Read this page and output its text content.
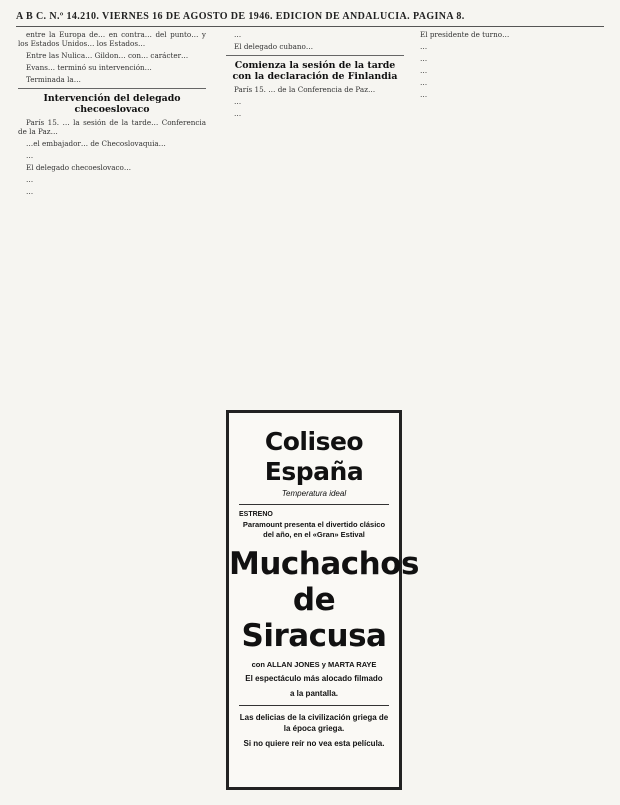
A B C. N.º 14.210. VIERNES 16 DE AGOSTO DE 1946. EDICION DE ANDALUCIA. PAGINA 8.

entre la Europa de… en contra… del punto… y los Estados Unidos… los Estados…

Entre las Nulica… Gildon… con… carácter…

Evans… terminó su intervención…

Terminada la…

Intervención del delegado checoeslovaco

París 15. … la sesión de la tarde… Conferencia de la Paz…

…el embajador… de Checoslovaquia…

…

El delegado checoeslovaco…

…

…

…

El delegado cubano…

Comienza la sesión de la tarde con la declaración de Finlandia

París 15. … de la Conferencia de Paz…

…

…

El presidente de turno…

…

…

…

…

…

Coliseo España
Temperatura ideal
ESTRENO
Paramount presenta el divertido clásico del año, en el «Gran» Estival
Muchachos
de Siracusa
con ALLAN JONES y MARTA RAYE
El espectáculo más alocado filmado
a la pantalla.
Las delicias de la civilización griega de la época griega.
Si no quiere reír no vea esta película.
